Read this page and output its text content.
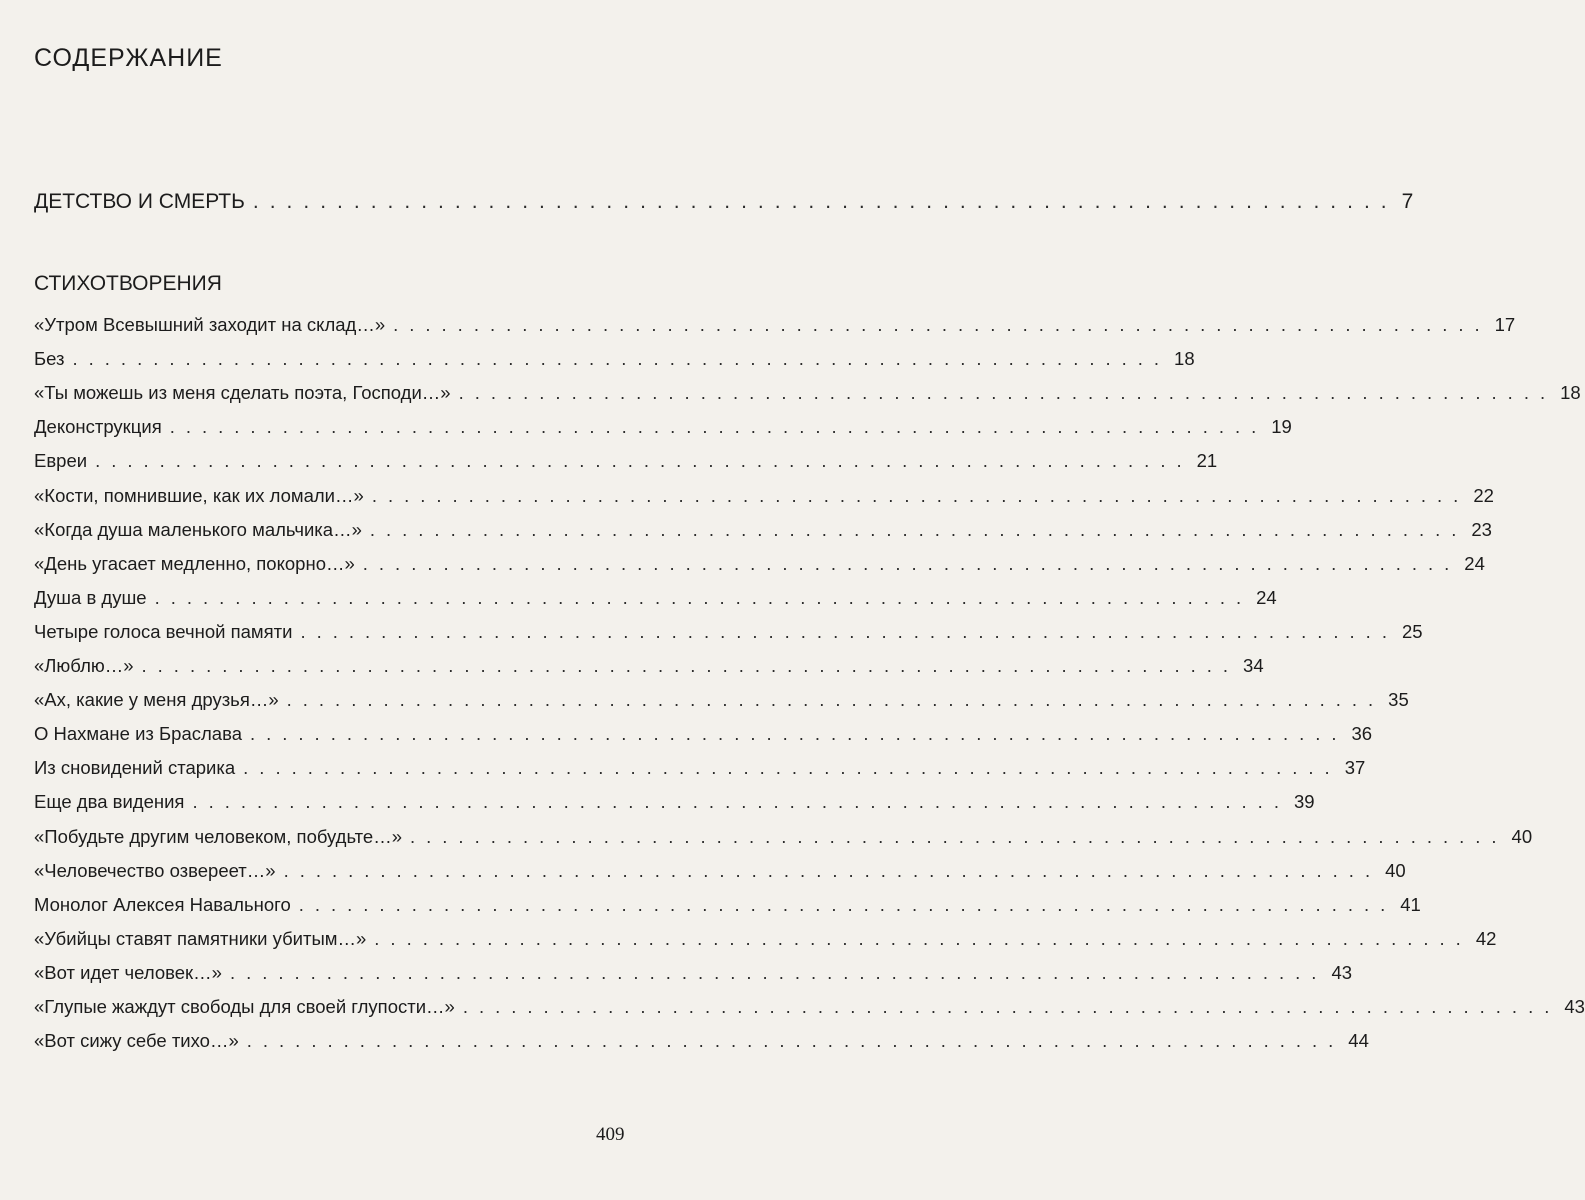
СОДЕРЖАНИЕ
ДЕТСТВО И СМЕРТЬ .................................................................... 7
СТИХОТВОРЕНИЯ
«Утром Всевышний заходит на склад…» .................................................................... 17
Без .................................................................... 18
«Ты можешь из меня сделать поэта, Господи…» .................................................................... 18
Деконструкция .................................................................... 19
Евреи .................................................................... 21
«Кости, помнившие, как их ломали…» .................................................................... 22
«Когда душа маленького мальчика…» .................................................................... 23
«День угасает медленно, покорно…» .................................................................... 24
Душа в душе .................................................................... 24
Четыре голоса вечной памяти .................................................................... 25
«Люблю…» .................................................................... 34
«Ах, какие у меня друзья…» .................................................................... 35
О Нахмане из Браслава .................................................................... 36
Из сновидений старика .................................................................... 37
Еще два видения .................................................................... 39
«Побудьте другим человеком, побудьте…» .................................................................... 40
«Человечество озвереет…» .................................................................... 40
Монолог Алексея Навального .................................................................... 41
«Убийцы ставят памятники убитым…» .................................................................... 42
«Вот идет человек…» .................................................................... 43
«Глупые жаждут свободы для своей глупости…» .................................................................... 43
«Вот сижу себе тихо…» .................................................................... 44
409
